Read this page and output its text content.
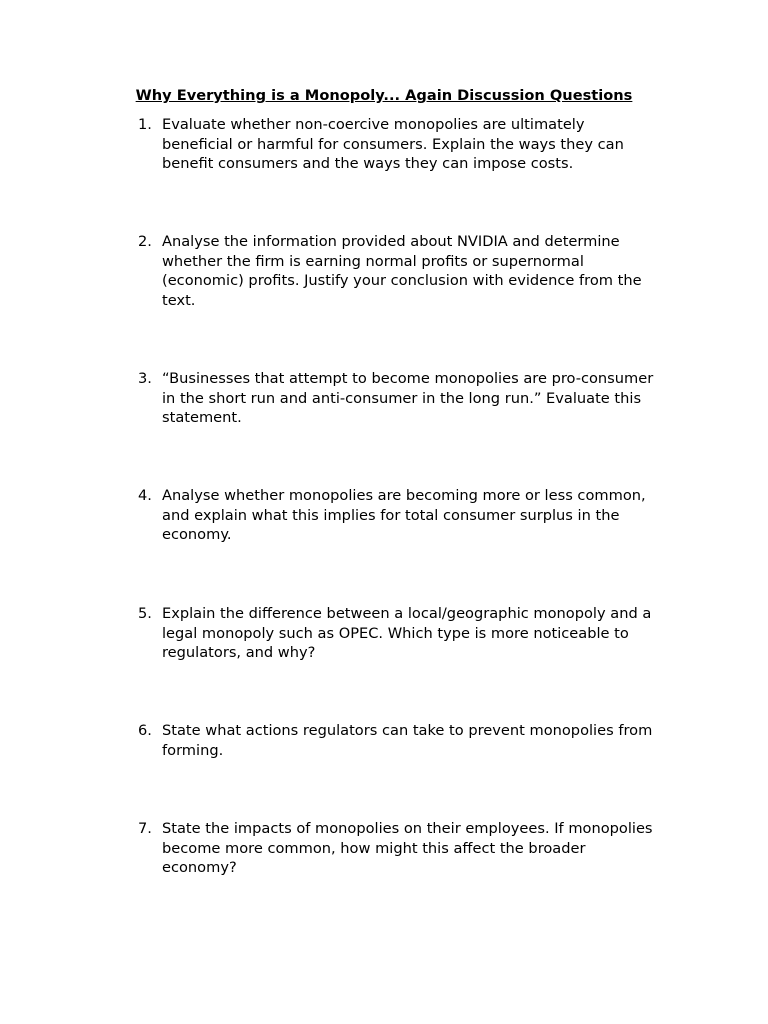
Why Everything is a Monopoly... Again Discussion Questions
1. Evaluate whether non-coercive monopolies are ultimately beneficial or harmful for consumers. Explain the ways they can benefit consumers and the ways they can impose costs.
2. Analyse the information provided about NVIDIA and determine whether the firm is earning normal profits or supernormal (economic) profits. Justify your conclusion with evidence from the text.
3. “Businesses that attempt to become monopolies are pro-consumer in the short run and anti-consumer in the long run.” Evaluate this statement.
4. Analyse whether monopolies are becoming more or less common, and explain what this implies for total consumer surplus in the economy.
5. Explain the difference between a local/geographic monopoly and a legal monopoly such as OPEC. Which type is more noticeable to regulators, and why?
6. State what actions regulators can take to prevent monopolies from forming.
7. State the impacts of monopolies on their employees. If monopolies become more common, how might this affect the broader economy?
